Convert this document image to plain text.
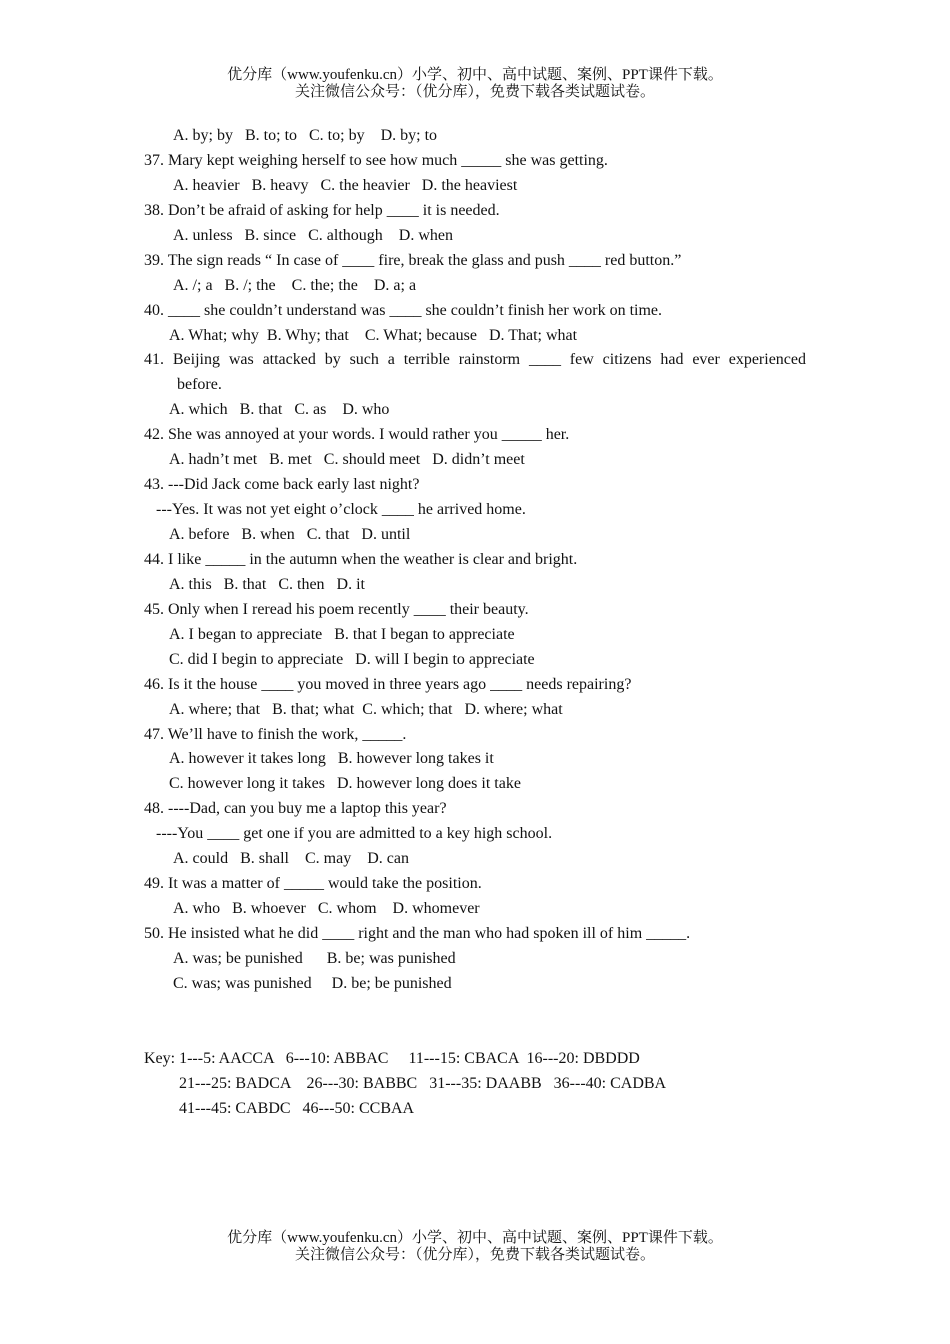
优分库（www.youfenku.cn）小学、初中、高中试题、案例、PPT课件下载。
关注微信公众号：（优分库），免费下载各类试题试卷。
A. by; by   B. to; to   C. to; by    D. by; to
37. Mary kept weighing herself to see how much _____ she was getting.
A. heavier   B. heavy   C. the heavier   D. the heaviest
38. Don’t be afraid of asking for help ____ it is needed.
A. unless   B. since   C. although    D. when
39. The sign reads “ In case of ____ fire, break the glass and push ____ red button.”
A. /; a   B. /; the    C. the; the    D. a; a
40. ____ she couldn’t understand was ____ she couldn’t finish her work on time.
A. What; why  B. Why; that    C. What; because   D. That; what
41. Beijing was attacked by such a terrible rainstorm ____ few citizens had ever experienced
before.
A. which   B. that   C. as    D. who
42. She was annoyed at your words. I would rather you _____ her.
A. hadn’t met   B. met   C. should meet   D. didn’t meet
43. ---Did Jack come back early last night?
---Yes. It was not yet eight o’clock ____ he arrived home.
A. before   B. when   C. that   D. until
44. I like _____ in the autumn when the weather is clear and bright.
A. this   B. that   C. then   D. it
45. Only when I reread his poem recently ____ their beauty.
A. I began to appreciate   B. that I began to appreciate
C. did I begin to appreciate   D. will I begin to appreciate
46. Is it the house ____ you moved in three years ago ____ needs repairing?
A. where; that   B. that; what  C. which; that   D. where; what
47. We’ll have to finish the work, _____.
A. however it takes long   B. however long takes it
C. however long it takes   D. however long does it take
48. ----Dad, can you buy me a laptop this year?
----You ____ get one if you are admitted to a key high school.
A. could   B. shall    C. may    D. can
49. It was a matter of _____ would take the position.
A. who   B. whoever   C. whom    D. whomever
50. He insisted what he did ____ right and the man who had spoken ill of him _____.
A. was; be punished      B. be; was punished
C. was; was punished     D. be; be punished
Key: 1---5: AACCA   6---10: ABBAC     11---15: CBACA  16---20: DBDDD
21---25: BADCA    26---30: BABBC   31---35: DAABB   36---40: CADBA
41---45: CABDC   46---50: CCBAA
优分库（www.youfenku.cn）小学、初中、高中试题、案例、PPT课件下载。
关注微信公众号：（优分库），免费下载各类试题试卷。
